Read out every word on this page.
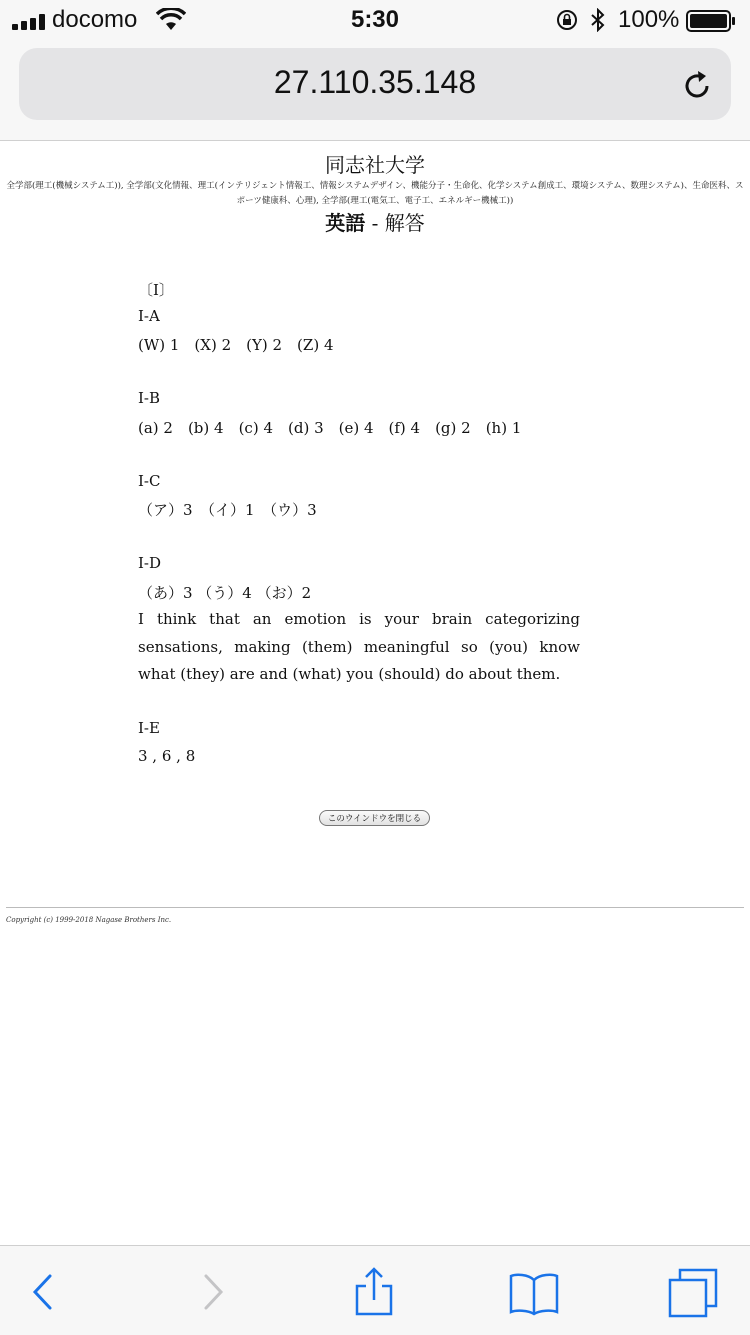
docomo	5:30	100%
27.110.35.148
同志社大学
全学部(理工(機械システム工)), 全学部(文化情報、理工(インテリジェント情報工、情報システムデザイン、機能分子・生命化、化学システム創成工、環境システム、数理システム)、生命医科、ス
ポーツ健康科、心理), 全学部(理工(電気工、電子工、エネルギー機械工))
英語 - 解答
〔Ⅰ〕
Ⅰ-A
(W) 1　(X) 2　(Y) 2　(Z) 4
Ⅰ-B
(a) 2　(b) 4　(c) 4　(d) 3　(e) 4　(f) 4　(g) 2　(h) 1
Ⅰ-C
（ア）3　（イ）1　（ウ）3
Ⅰ-D
（あ）3 （う）4 （お）2
I think that an emotion is your brain categorizing sensations, making (them) meaningful so (you) know what (they) are and (what) you (should) do about them.
Ⅰ-E
3 , 6 , 8
このウインドウを閉じる
Copyright (c) 1999-2018 Nagase Brothers Inc.
